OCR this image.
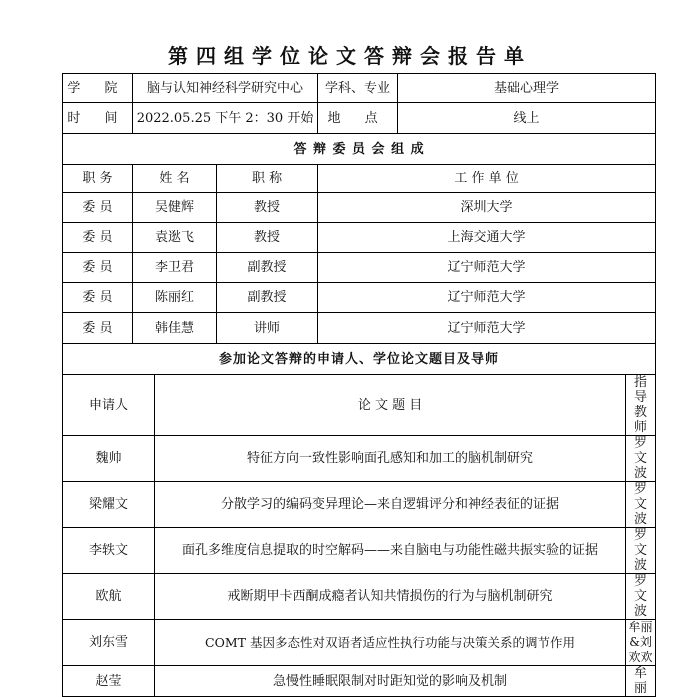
第四组学位论文答辩会报告单
学 院	脑与认知神经科学研究中心			学科、专业	基础心理学	
时 间	2022.05.25 下午 2：30 开始			地 点	线上	
答 辩 委 员 会 组 成						
职 务	姓 名		职 称	工 作 单 位		
委 员	吴健辉		教授	深圳大学		
委 员	袁逖飞		教授	上海交通大学		
委 员	李卫君		副教授	辽宁师范大学		
委 员	陈丽红		副教授	辽宁师范大学		
委 员	韩佳慧		讲师	辽宁师范大学		
参加论文答辩的申请人、学位论文题目及导师						
申请人		论 文 题 目				指导教师
魏帅		特征方向一致性影响面孔感知和加工的脑机制研究				罗文波
梁耀文		分散学习的编码变异理论—来自逻辑评分和神经表征的证据				罗文波
李轶文		面孔多维度信息提取的时空解码——来自脑电与功能性磁共振实验的证据				罗文波
欧航		戒断期甲卡西酮成瘾者认知共情损伤的行为与脑机制研究				罗文波
刘东雪		COMT 基因多态性对双语者适应性执行功能与决策关系的调节作用				牟丽&刘欢欢
赵莹		急慢性睡眠限制对时距知觉的影响及机制				牟丽
